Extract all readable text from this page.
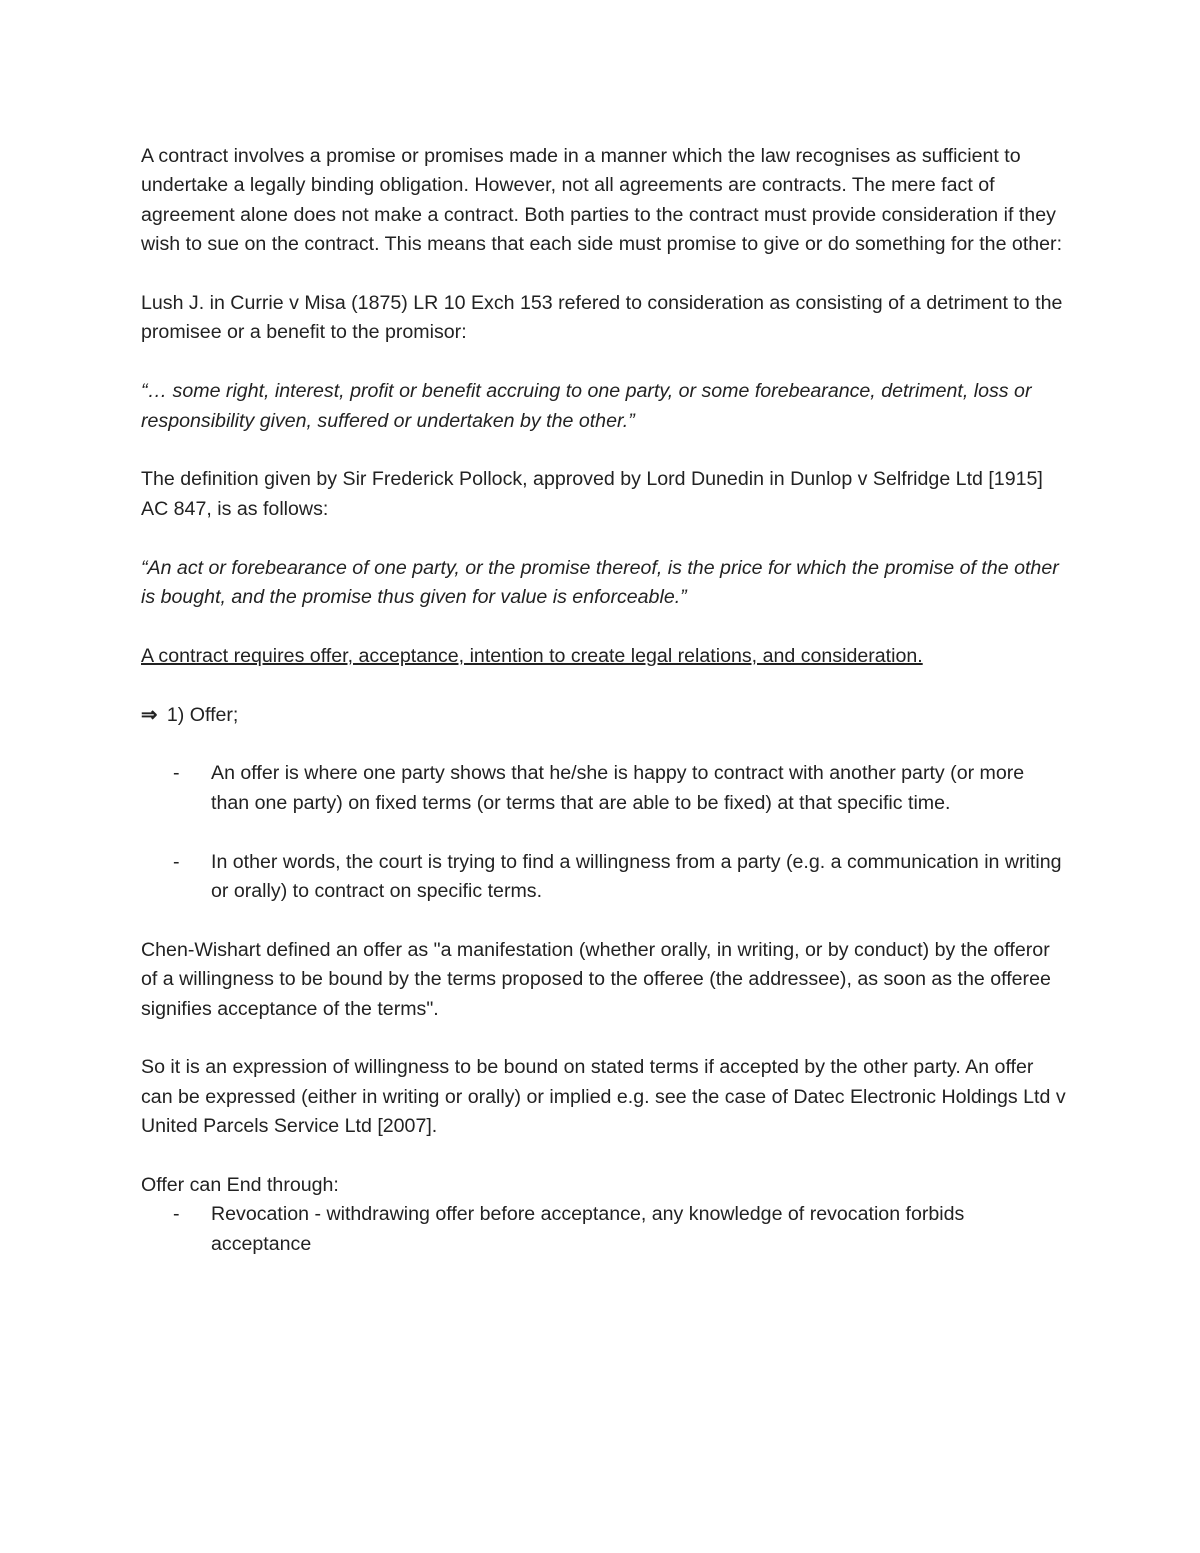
A contract involves a promise or promises made in a manner which the law recognises as sufficient to undertake a legally binding obligation. However, not all agreements are contracts. The mere fact of agreement alone does not make a contract. Both parties to the contract must provide consideration if they wish to sue on the contract. This means that each side must promise to give or do something for the other:

Lush J. in Currie v Misa (1875) LR 10 Exch 153 refered to consideration as consisting of a detriment to the promisee or a benefit to the promisor:

“… some right, interest, profit or benefit accruing to one party, or some forebearance, detriment, loss or responsibility given, suffered or undertaken by the other.”

The definition given by Sir Frederick Pollock, approved by Lord Dunedin in Dunlop v Selfridge Ltd [1915] AC 847, is as follows:

“An act or forebearance of one party, or the promise thereof, is the price for which the promise of the other is bought, and the promise thus given for value is enforceable.”

A contract requires offer, acceptance, intention to create legal relations, and consideration.

⇒ 1) Offer;

- An offer is where one party shows that he/she is happy to contract with another party (or more than one party) on fixed terms (or terms that are able to be fixed) at that specific time.
- In other words, the court is trying to find a willingness from a party (e.g. a communication in writing or orally) to contract on specific terms.

Chen-Wishart defined an offer as "a manifestation (whether orally, in writing, or by conduct) by the offeror of a willingness to be bound by the terms proposed to the offeree (the addressee), as soon as the offeree signifies acceptance of the terms".

So it is an expression of willingness to be bound on stated terms if accepted by the other party. An offer can be expressed (either in writing or orally) or implied e.g. see the case of Datec Electronic Holdings Ltd v United Parcels Service Ltd [2007].

Offer can End through:

- Revocation - withdrawing offer before acceptance, any knowledge of revocation forbids acceptance
